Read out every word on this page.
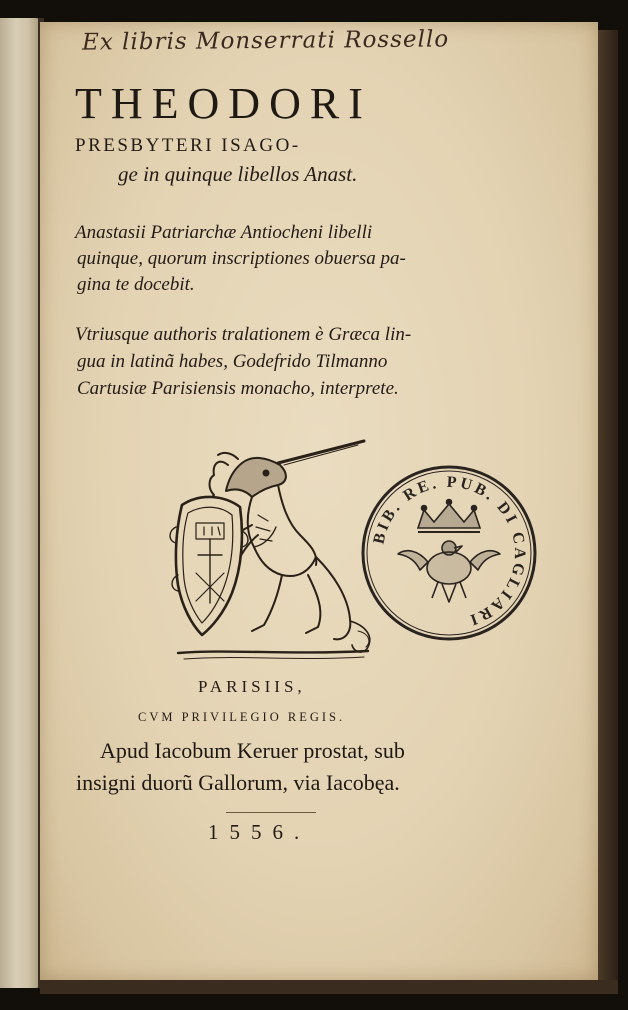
Ex libris Monserrati Rossello
THEODORI
PRESBYTERI ISAGO-
ge in quinque libellos Anast.
Anastasii Patriarchæ Antiocheni libelli
quinque, quorum inscriptiones obuersa pa-
gina te docebit.
Vtriusque authoris tralationem è Græca lin-
gua in latinã habes, Godefrido Tilmanno
Cartusiæ Parisiensis monacho, interprete.
BIB. RE. PUB. DI CAGLIARI
PARISIIS,
CVM PRIVILEGIO REGIS.
Apud Iacobum Keruer prostat, sub
insigni duorũ Gallorum, via Iacobęa.
1556.
